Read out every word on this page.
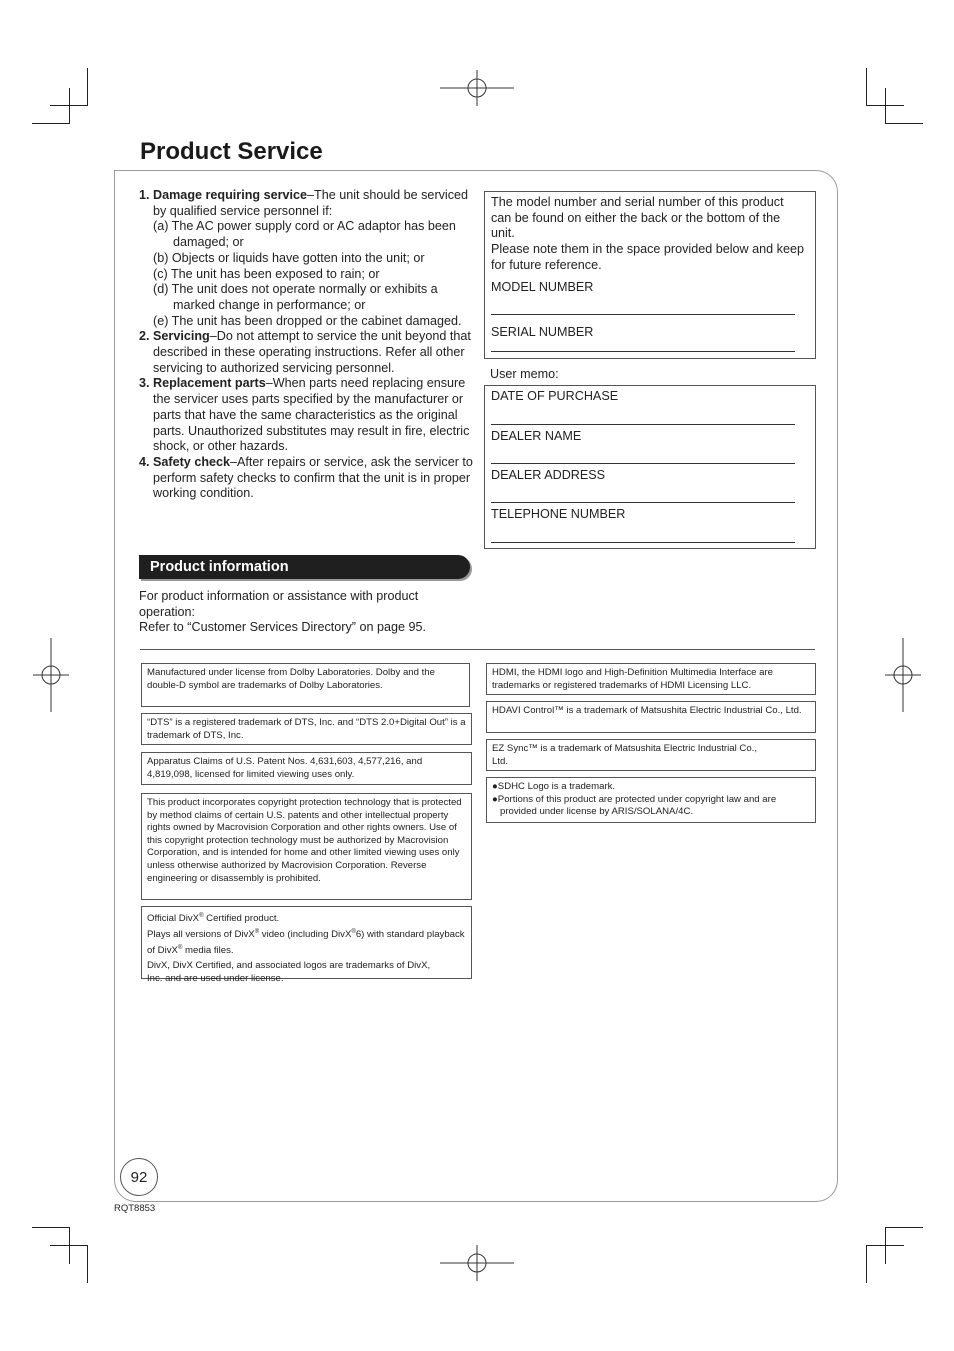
Product Service
1. Damage requiring service–The unit should be serviced by qualified service personnel if:
(a) The AC power supply cord or AC adaptor has been damaged; or
(b) Objects or liquids have gotten into the unit; or
(c) The unit has been exposed to rain; or
(d) The unit does not operate normally or exhibits a marked change in performance; or
(e) The unit has been dropped or the cabinet damaged.
2. Servicing–Do not attempt to service the unit beyond that described in these operating instructions. Refer all other servicing to authorized servicing personnel.
3. Replacement parts–When parts need replacing ensure the servicer uses parts specified by the manufacturer or parts that have the same characteristics as the original parts. Unauthorized substitutes may result in fire, electric shock, or other hazards.
4. Safety check–After repairs or service, ask the servicer to perform safety checks to confirm that the unit is in proper working condition.
The model number and serial number of this product can be found on either the back or the bottom of the unit.
Please note them in the space provided below and keep for future reference.
MODEL NUMBER
SERIAL NUMBER
User memo:
DATE OF PURCHASE
DEALER NAME
DEALER ADDRESS
TELEPHONE NUMBER
Product information
For product information or assistance with product operation:
Refer to “Customer Services Directory” on page 95.

Manufactured under license from Dolby Laboratories. Dolby and the double-D symbol are trademarks of Dolby Laboratories.

“DTS” is a registered trademark of DTS, Inc. and “DTS 2.0+Digital Out” is a trademark of DTS, Inc.

Apparatus Claims of U.S. Patent Nos. 4,631,603, 4,577,216, and 4,819,098, licensed for limited viewing uses only.

This product incorporates copyright protection technology that is protected by method claims of certain U.S. patents and other intellectual property rights owned by Macrovision Corporation and other rights owners. Use of this copyright protection technology must be authorized by Macrovision Corporation, and is intended for home and other limited viewing uses only unless otherwise authorized by Macrovision Corporation. Reverse engineering or disassembly is prohibited.

Official DivX® Certified product.

Plays all versions of DivX® video (including DivX®6) with standard playback of DivX® media files.

DivX, DivX Certified, and associated logos are trademarks of DivX, Inc. and are used under license.

HDMI, the HDMI logo and High-Definition Multimedia Interface are trademarks or registered trademarks of HDMI Licensing LLC.

HDAVI Control™ is a trademark of Matsushita Electric Industrial Co., Ltd.

EZ Sync™ is a trademark of Matsushita Electric Industrial Co., Ltd.

●SDHC Logo is a trademark.

●Portions of this product are protected under copyright law and are provided under license by ARIS/SOLANA/4C.

92
RQT8853
